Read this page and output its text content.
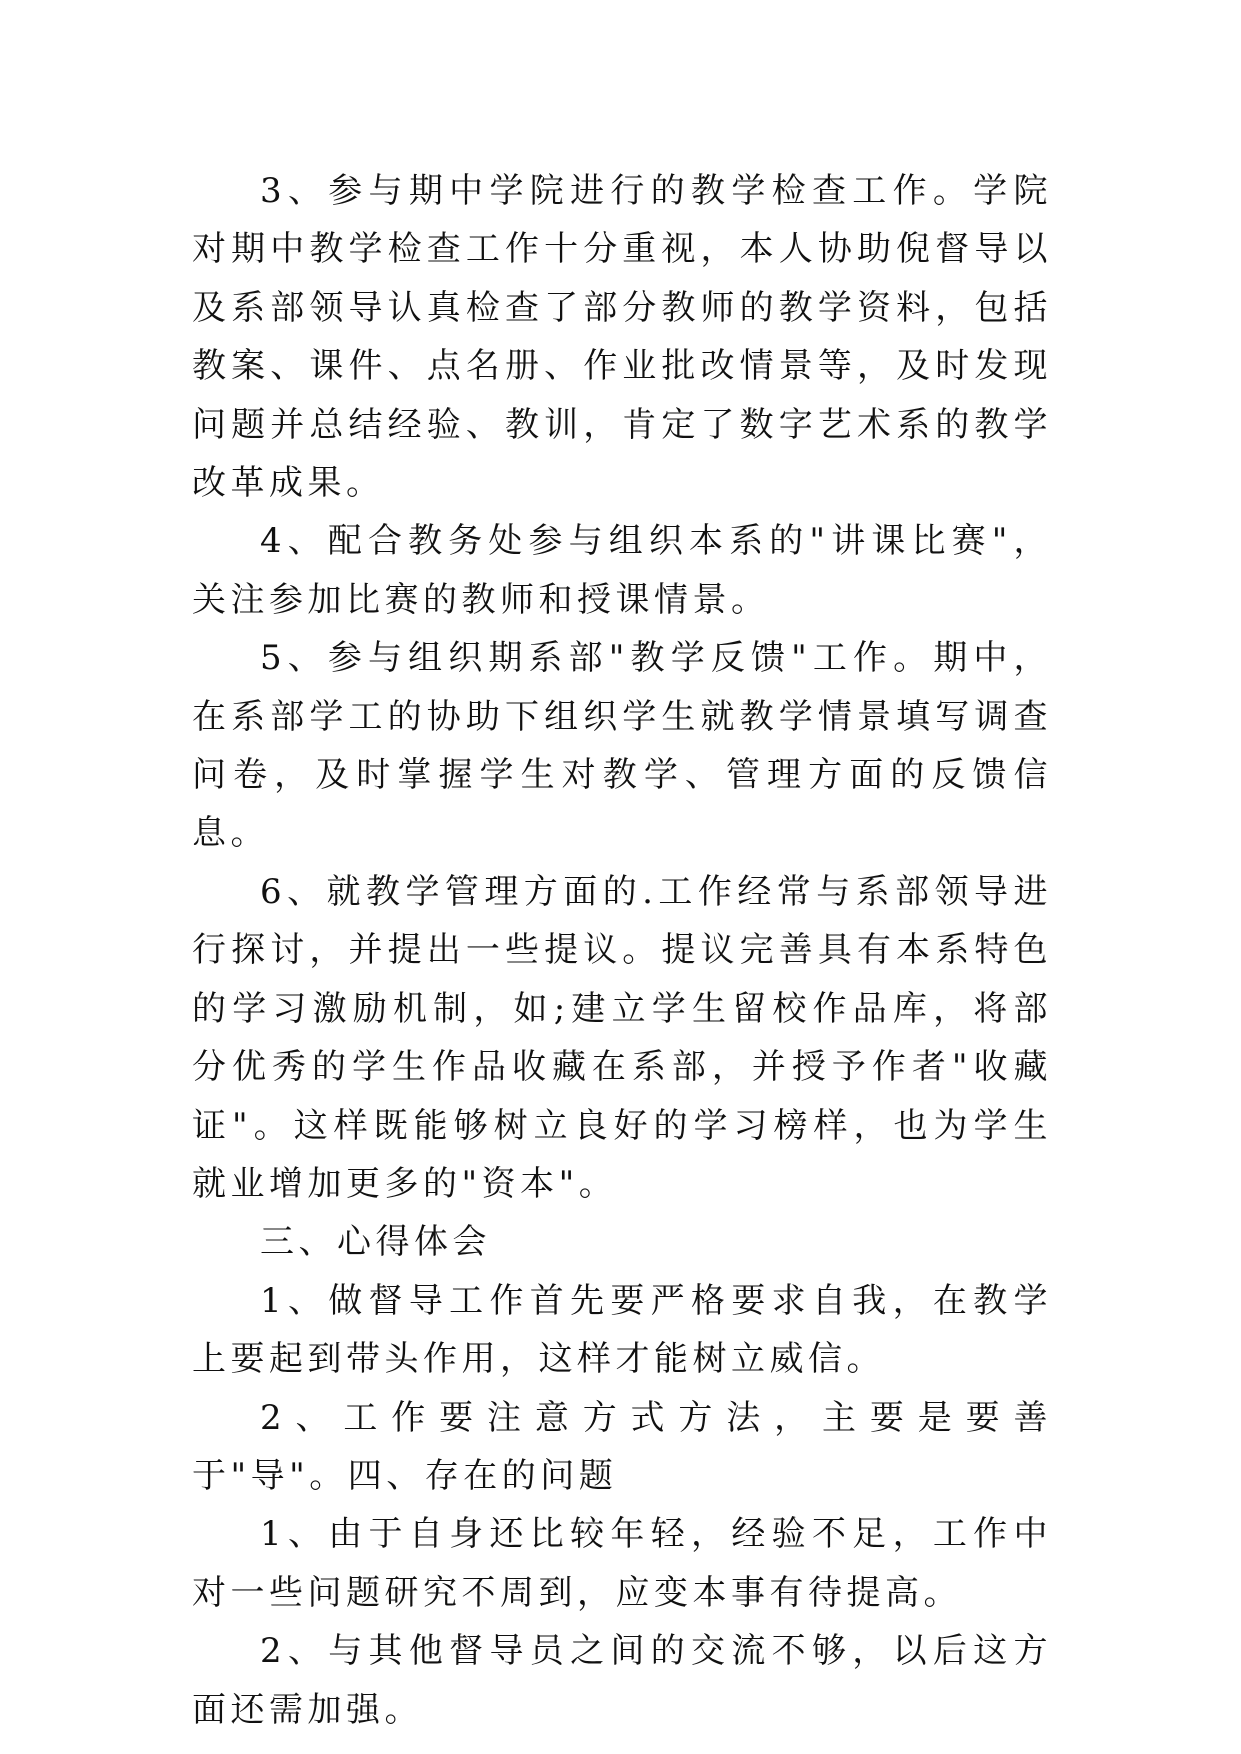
3、参与期中学院进行的教学检查工作。学院对期中教学检查工作十分重视，本人协助倪督导以及系部领导认真检查了部分教师的教学资料，包括教案、课件、点名册、作业批改情景等，及时发现问题并总结经验、教训，肯定了数字艺术系的教学改革成果。

4、配合教务处参与组织本系的"讲课比赛"，关注参加比赛的教师和授课情景。

5、参与组织期系部"教学反馈"工作。期中，在系部学工的协助下组织学生就教学情景填写调查问卷，及时掌握学生对教学、管理方面的反馈信息。

6、就教学管理方面的.工作经常与系部领导进行探讨，并提出一些提议。提议完善具有本系特色的学习激励机制，如;建立学生留校作品库，将部分优秀的学生作品收藏在系部，并授予作者"收藏证"。这样既能够树立良好的学习榜样，也为学生就业增加更多的"资本"。

三、心得体会

1、做督导工作首先要严格要求自我，在教学上要起到带头作用，这样才能树立威信。

2、工作要注意方式方法，主要是要善于"导"。四、存在的问题

1、由于自身还比较年轻，经验不足，工作中对一些问题研究不周到，应变本事有待提高。

2、与其他督导员之间的交流不够，以后这方面还需加强。
